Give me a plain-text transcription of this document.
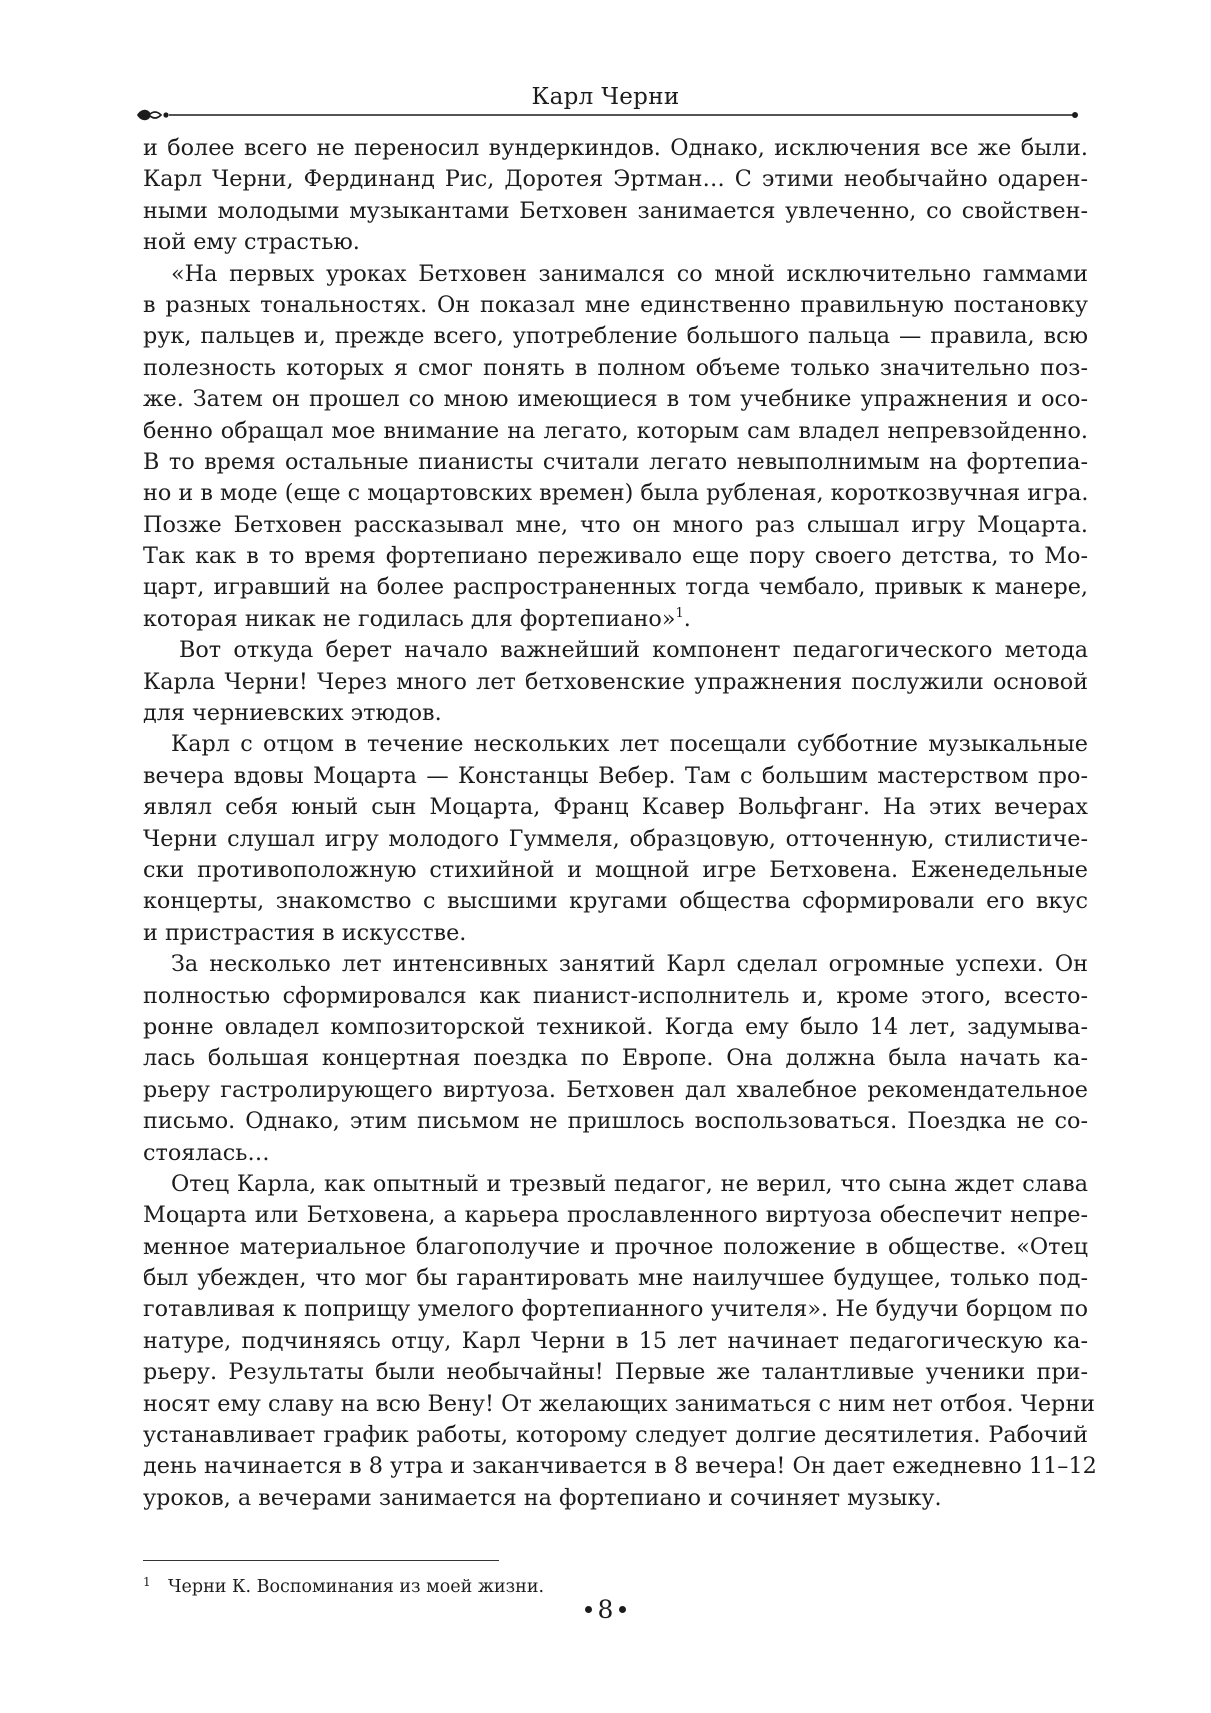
Карл Черни
и более всего не переносил вундеркиндов. Однако, исключения все же были.
Карл Черни, Фердинанд Рис, Доротея Эртман… С этими необычайно одарен-
ными молодыми музыкантами Бетховен занимается увлеченно, со свойствен-
ной ему страстью.
«На первых уроках Бетховен занимался со мной исключительно гаммами
в разных тональностях. Он показал мне единственно правильную постановку
рук, пальцев и, прежде всего, употребление большого пальца — правила, всю
полезность которых я смог понять в полном объеме только значительно поз-
же. Затем он прошел со мною имеющиеся в том учебнике упражнения и осо-
бенно обращал мое внимание на легато, которым сам владел непревзойденно.
В то время остальные пианисты считали легато невыполнимым на фортепиа-
но и в моде (еще с моцартовских времен) была рубленая, короткозвучная игра.
Позже Бетховен рассказывал мне, что он много раз слышал игру Моцарта.
Так как в то время фортепиано переживало еще пору своего детства, то Мо-
царт, игравший на более распространенных тогда чембало, привык к манере,
которая никак не годилась для фортепиано»$^1$.
Вот откуда берет начало важнейший компонент педагогического метода
Карла Черни! Через много лет бетховенские упражнения послужили основой
для черниевских этюдов.
Карл с отцом в течение нескольких лет посещали субботние музыкальные
вечера вдовы Моцарта — Констанцы Вебер. Там с большим мастерством про-
являл себя юный сын Моцарта, Франц Ксавер Вольфганг. На этих вечерах
Черни слушал игру молодого Гуммеля, образцовую, отточенную, стилистиче-
ски противоположную стихийной и мощной игре Бетховена. Еженедельные
концерты, знакомство с высшими кругами общества сформировали его вкус
и пристрастия в искусстве.
За несколько лет интенсивных занятий Карл сделал огромные успехи. Он
полностью сформировался как пианист-исполнитель и, кроме этого, всесто-
ронне овладел композиторской техникой. Когда ему было 14 лет, задумыва-
лась большая концертная поездка по Европе. Она должна была начать ка-
рьеру гастролирующего виртуоза. Бетховен дал хвалебное рекомендательное
письмо. Однако, этим письмом не пришлось воспользоваться. Поездка не со-
стоялась…
Отец Карла, как опытный и трезвый педагог, не верил, что сына ждет слава
Моцарта или Бетховена, а карьера прославленного виртуоза обеспечит непре-
менное материальное благополучие и прочное положение в обществе. «Отец
был убежден, что мог бы гарантировать мне наилучшее будущее, только под-
готавливая к поприщу умелого фортепианного учителя». Не будучи борцом по
натуре, подчиняясь отцу, Карл Черни в 15 лет начинает педагогическую ка-
рьеру. Результаты были необычайны! Первые же талантливые ученики при-
носят ему славу на всю Вену! От желающих заниматься с ним нет отбоя. Черни
устанавливает график работы, которому следует долгие десятилетия. Рабочий
день начинается в 8 утра и заканчивается в 8 вечера! Он дает ежедневно 11–12
уроков, а вечерами занимается на фортепиано и сочиняет музыку.
1 Черни К. Воспоминания из моей жизни.
8
